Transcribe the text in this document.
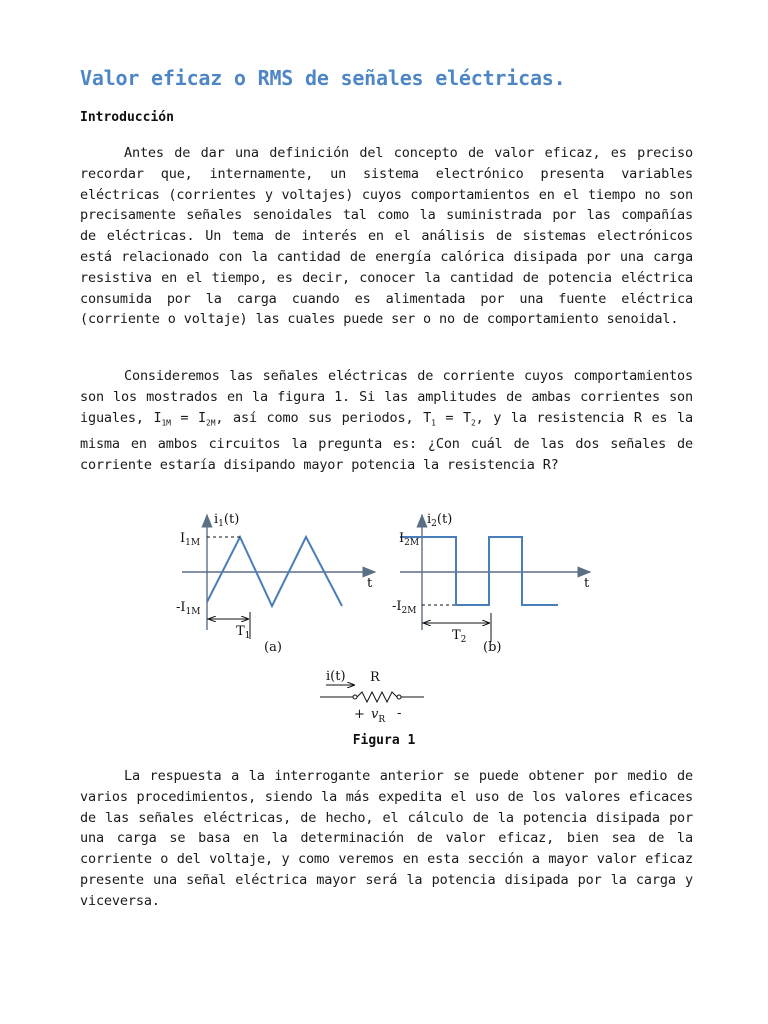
Valor eficaz o RMS de señales eléctricas.
Introducción

Antes de dar una definición del concepto de valor eficaz, es preciso recordar que, internamente, un sistema electrónico presenta variables eléctricas (corrientes y voltajes) cuyos comportamientos en el tiempo no son precisamente señales senoidales tal como la suministrada por las compañías de eléctricas. Un tema de interés en el análisis de sistemas electrónicos está relacionado con la cantidad de energía calórica disipada por una carga resistiva en el tiempo, es decir, conocer la cantidad de potencia eléctrica consumida por la carga cuando es alimentada por una fuente eléctrica (corriente o voltaje) las cuales puede ser o no de comportamiento senoidal.

Consideremos las señales eléctricas de corriente cuyos comportamientos son los mostrados en la figura 1. Si las amplitudes de ambas corrientes son iguales, $I_{1M} = I_{2M}$, así como sus periodos, $T_1 = T_2$, y la resistencia R es la misma en ambos circuitos la pregunta es: ¿Con cuál de las dos señales de corriente estaría disipando mayor potencia la resistencia R?

$i_1(t)$
$I_{1M}$
$-I_{1M}$
t
$T_1$
(a)
$i_2(t)$
$I_{2M}$
$-I_{2M}$
t
$T_2$ (b)
i(t) R
+ $v_R$ -

Figura 1

La respuesta a la interrogante anterior se puede obtener por medio de varios procedimientos, siendo la más expedita el uso de los valores eficaces de las señales eléctricas, de hecho, el cálculo de la potencia disipada por una carga se basa en la determinación de valor eficaz, bien sea de la corriente o del voltaje, y como veremos en esta sección a mayor valor eficaz presente una señal eléctrica mayor será la potencia disipada por la carga y viceversa.
